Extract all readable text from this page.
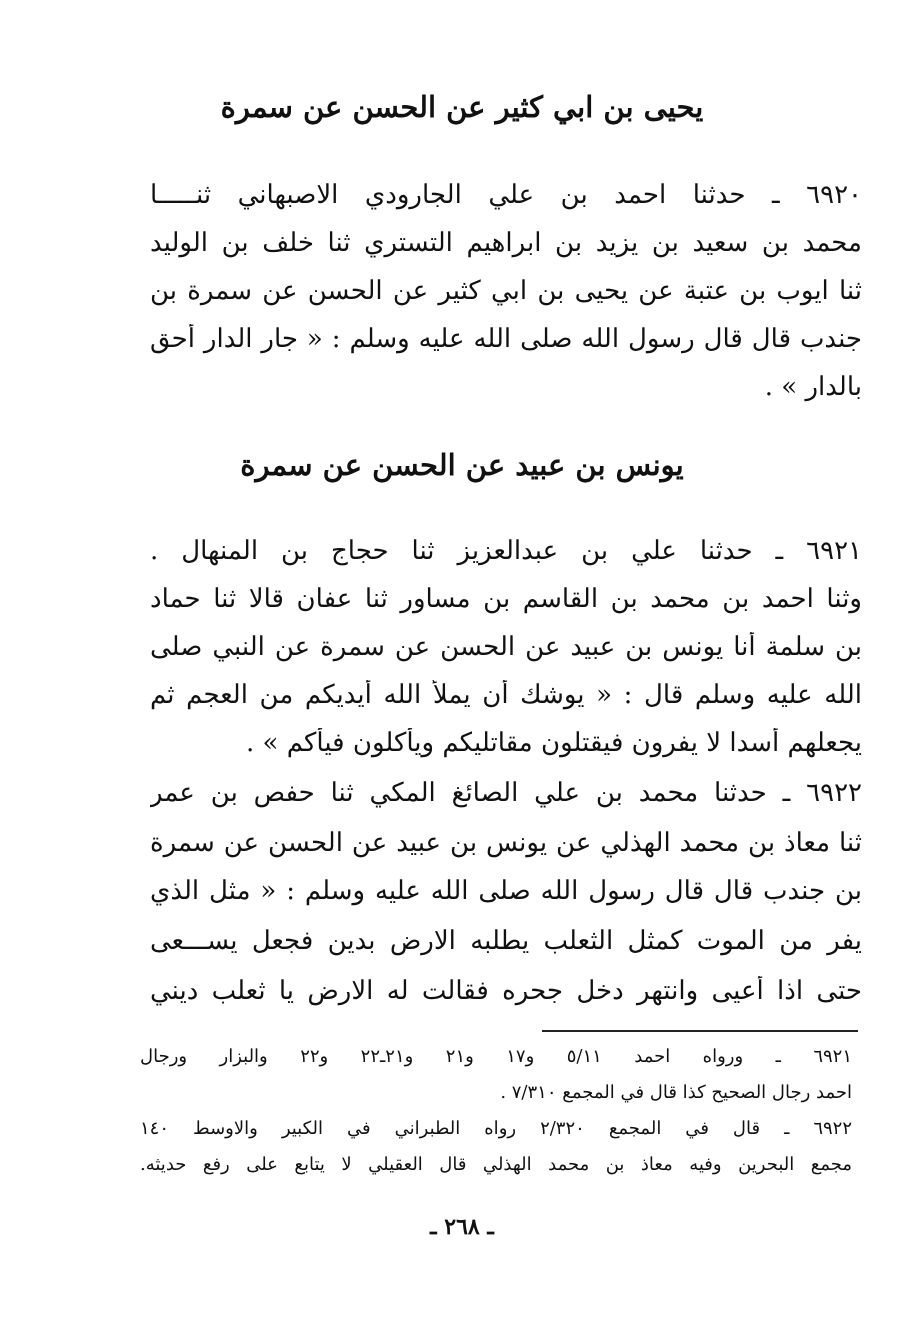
يحيى بن ابي كثير عن الحسن عن سمرة
٦٩٢٠ ـ حدثنا احمد بن علي الجارودي الاصبهاني ثنـــــا
محمد بن سعيد بن يزيد بن ابراهيم التستري ثنا خلف بن الوليد
ثنا ايوب بن عتبة عن يحيى بن ابي كثير عن الحسن عن سمرة بن
جندب قال قال رسول الله صلى الله عليه وسلم : « جار الدار أحق
بالدار » .
يونس بن عبيد عن الحسن عن سمرة
٦٩٢١ ـ حدثنا علي بن عبدالعزيز ثنا حجاج بن المنهال .
وثنا احمد بن محمد بن القاسم بن مساور ثنا عفان قالا ثنا حماد
بن سلمة أنا يونس بن عبيد عن الحسن عن سمرة عن النبي صلى
الله عليه وسلم قال : « يوشك أن يملأ الله أيديكم من العجم ثم
يجعلهم أسدا لا يفرون فيقتلون مقاتليكم ويأكلون فيأكم » .
٦٩٢٢ ـ حدثنا محمد بن علي الصائغ المكي ثنا حفص بن عمر
ثنا معاذ بن محمد الهذلي عن يونس بن عبيد عن الحسن عن سمرة
بن جندب قال قال رسول الله صلى الله عليه وسلم : « مثل الذي
يفر من الموت كمثل الثعلب يطلبه الارض بدين فجعل يســـعى
حتى اذا أعيى وانتهر دخل جحره فقالت له الارض يا ثعلب ديني
٦٩٢١ ـ ورواه احمد ٥/١١ و١٧ و٢١ و٢١ـ٢٢ و٢٢ والبزار ورجال
احمد رجال الصحيح كذا قال في المجمع ٧/٣١٠ .
٦٩٢٢ ـ قال في المجمع ٢/٣٢٠ رواه الطبراني في الكبير والاوسط ١٤٠
مجمع البحرين وفيه معاذ بن محمد الهذلي قال العقيلي لا يتابع على رفع حديثه.
ـ ٢٦٨ ـ
